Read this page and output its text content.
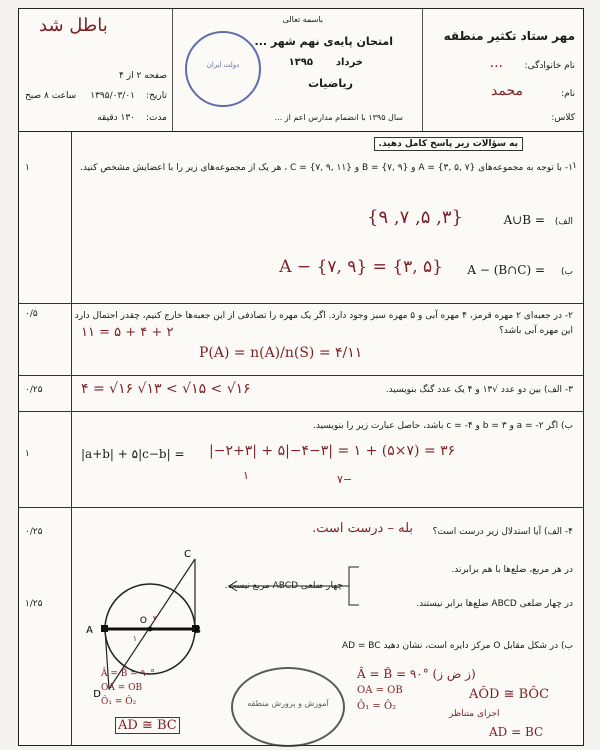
مهر ستاد تکثیر منطقه
نام خانوادگی:
...
نام:
محمد
کلاس:
باسمه تعالی
امتحان پایه‌ی نهم شهر ...
خرداد
۱۳۹۵
ریاضیات
سال ۱۳۹۵ با انضمام مدارس اعم از ...
دولت ایران
باطل شد
صفحه ۲ از ۴
تاریخ:
۱۳۹۵/۰۳/۰۱
ساعت ۸ صبح
مدت:
۱۳۰ دقیقه
به سؤالات زیر پاسخ کامل دهید.
۱	۱- با توجه به مجموعه‌های {۷ ,۵ ,۳} = A و {۹ ,۷} = B و {۱۱ ,۹ ,۷} = C ، هر یک از مجموعه‌های زیر را با اعضایش مشخص کنید.
الف)
A∪B =
{۳, ۵, ۷, ۹}
ب)
A − (B∩C) =
A − {۷, ۹} = {۳, ۵}
۰/۵	۲- در جعبه‌ای ۲ مهره قرمز، ۴ مهره آبی و ۵ مهره سبز وجود دارد. اگر یک مهره را تصادفی از این جعبه‌ها خارج کنیم، چقدر احتمال دارد این مهره آبی باشد؟
۲ + ۴ + ۵ = ۱۱
P(A) = n(A)/n(S) = ۴/۱۱
۰/۲۵	۳- الف) بین دو عدد √۱۳ و ۴ یک عدد گنگ بنویسید.
۴ = √۱۶ √۱۳ < √۱۵ < √۱۶
۱
ب) اگر ۲- = a و ۳ = b و ۴- = c باشد، حاصل عبارت زیر را بنویسید.
|a+b| + ۵|c−b| = |−۲+۳| + ۵|−۴−۳| = ۱ + (۵×۷) = ۳۶
۱	−۷
۰/۲۵	۴- الف) آیا استدلال زیر درست است؟
بله – درست است.
در هر مربع، ضلع‌ها با هم برابرند.
چهار ضلعی ABCD مربع نیست.
در چهار ضلعی ABCD ضلع‌ها برابر نیستند.
۱/۲۵
ب) در شکل مقابل O مرکز دایره است، نشان دهید AD = BC
A	B
C
D
O
۱
۲
Â = B̂ = ۹۰°
OA = OB
Ô₁ = Ô₂
AD ≅ BC
آموزش و پرورش منطقه
Â = B̂ = ۹۰° (ز ض ز)
OA = OB
Ô₁ = Ô₂
AÔD ≅ BÔC
اجزای متناظر
AD = BC
۱
